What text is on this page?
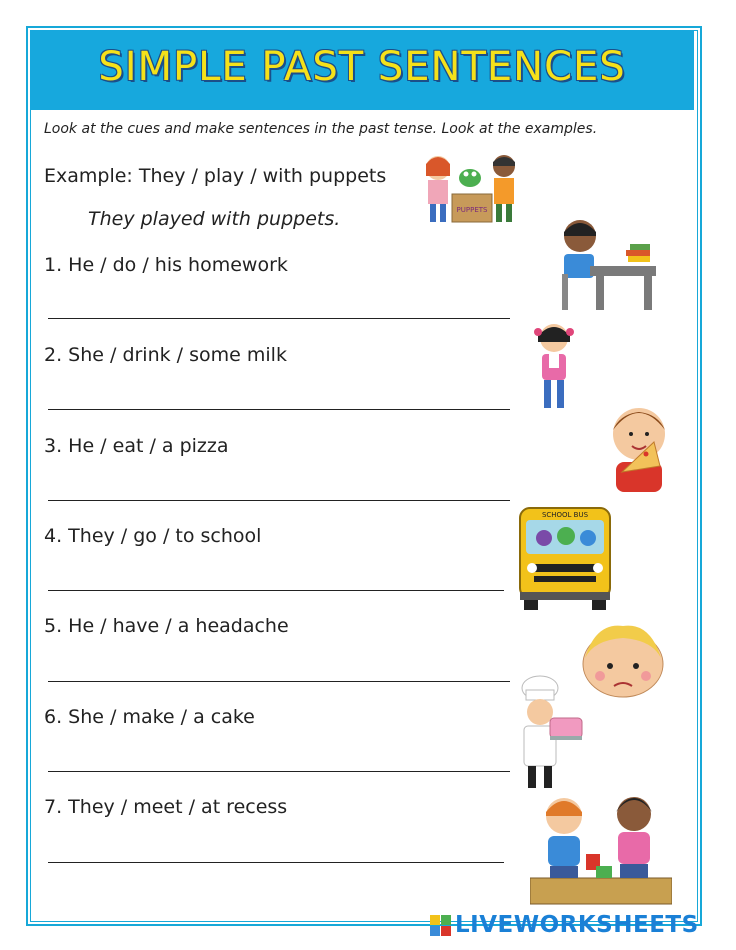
SIMPLE PAST SENTENCES
Look at the cues and make sentences in the past tense. Look at the examples.
Example: They / play / with puppets
They played with puppets.	PUPPETS
1. He / do / his homework
2. She / drink / some milk
3. He / eat / a pizza
4. They / go / to school
SCHOOL BUS
5. He / have / a headache
6. She / make / a cake
7. They / meet / at recess
LIVEWORKSHEETS
